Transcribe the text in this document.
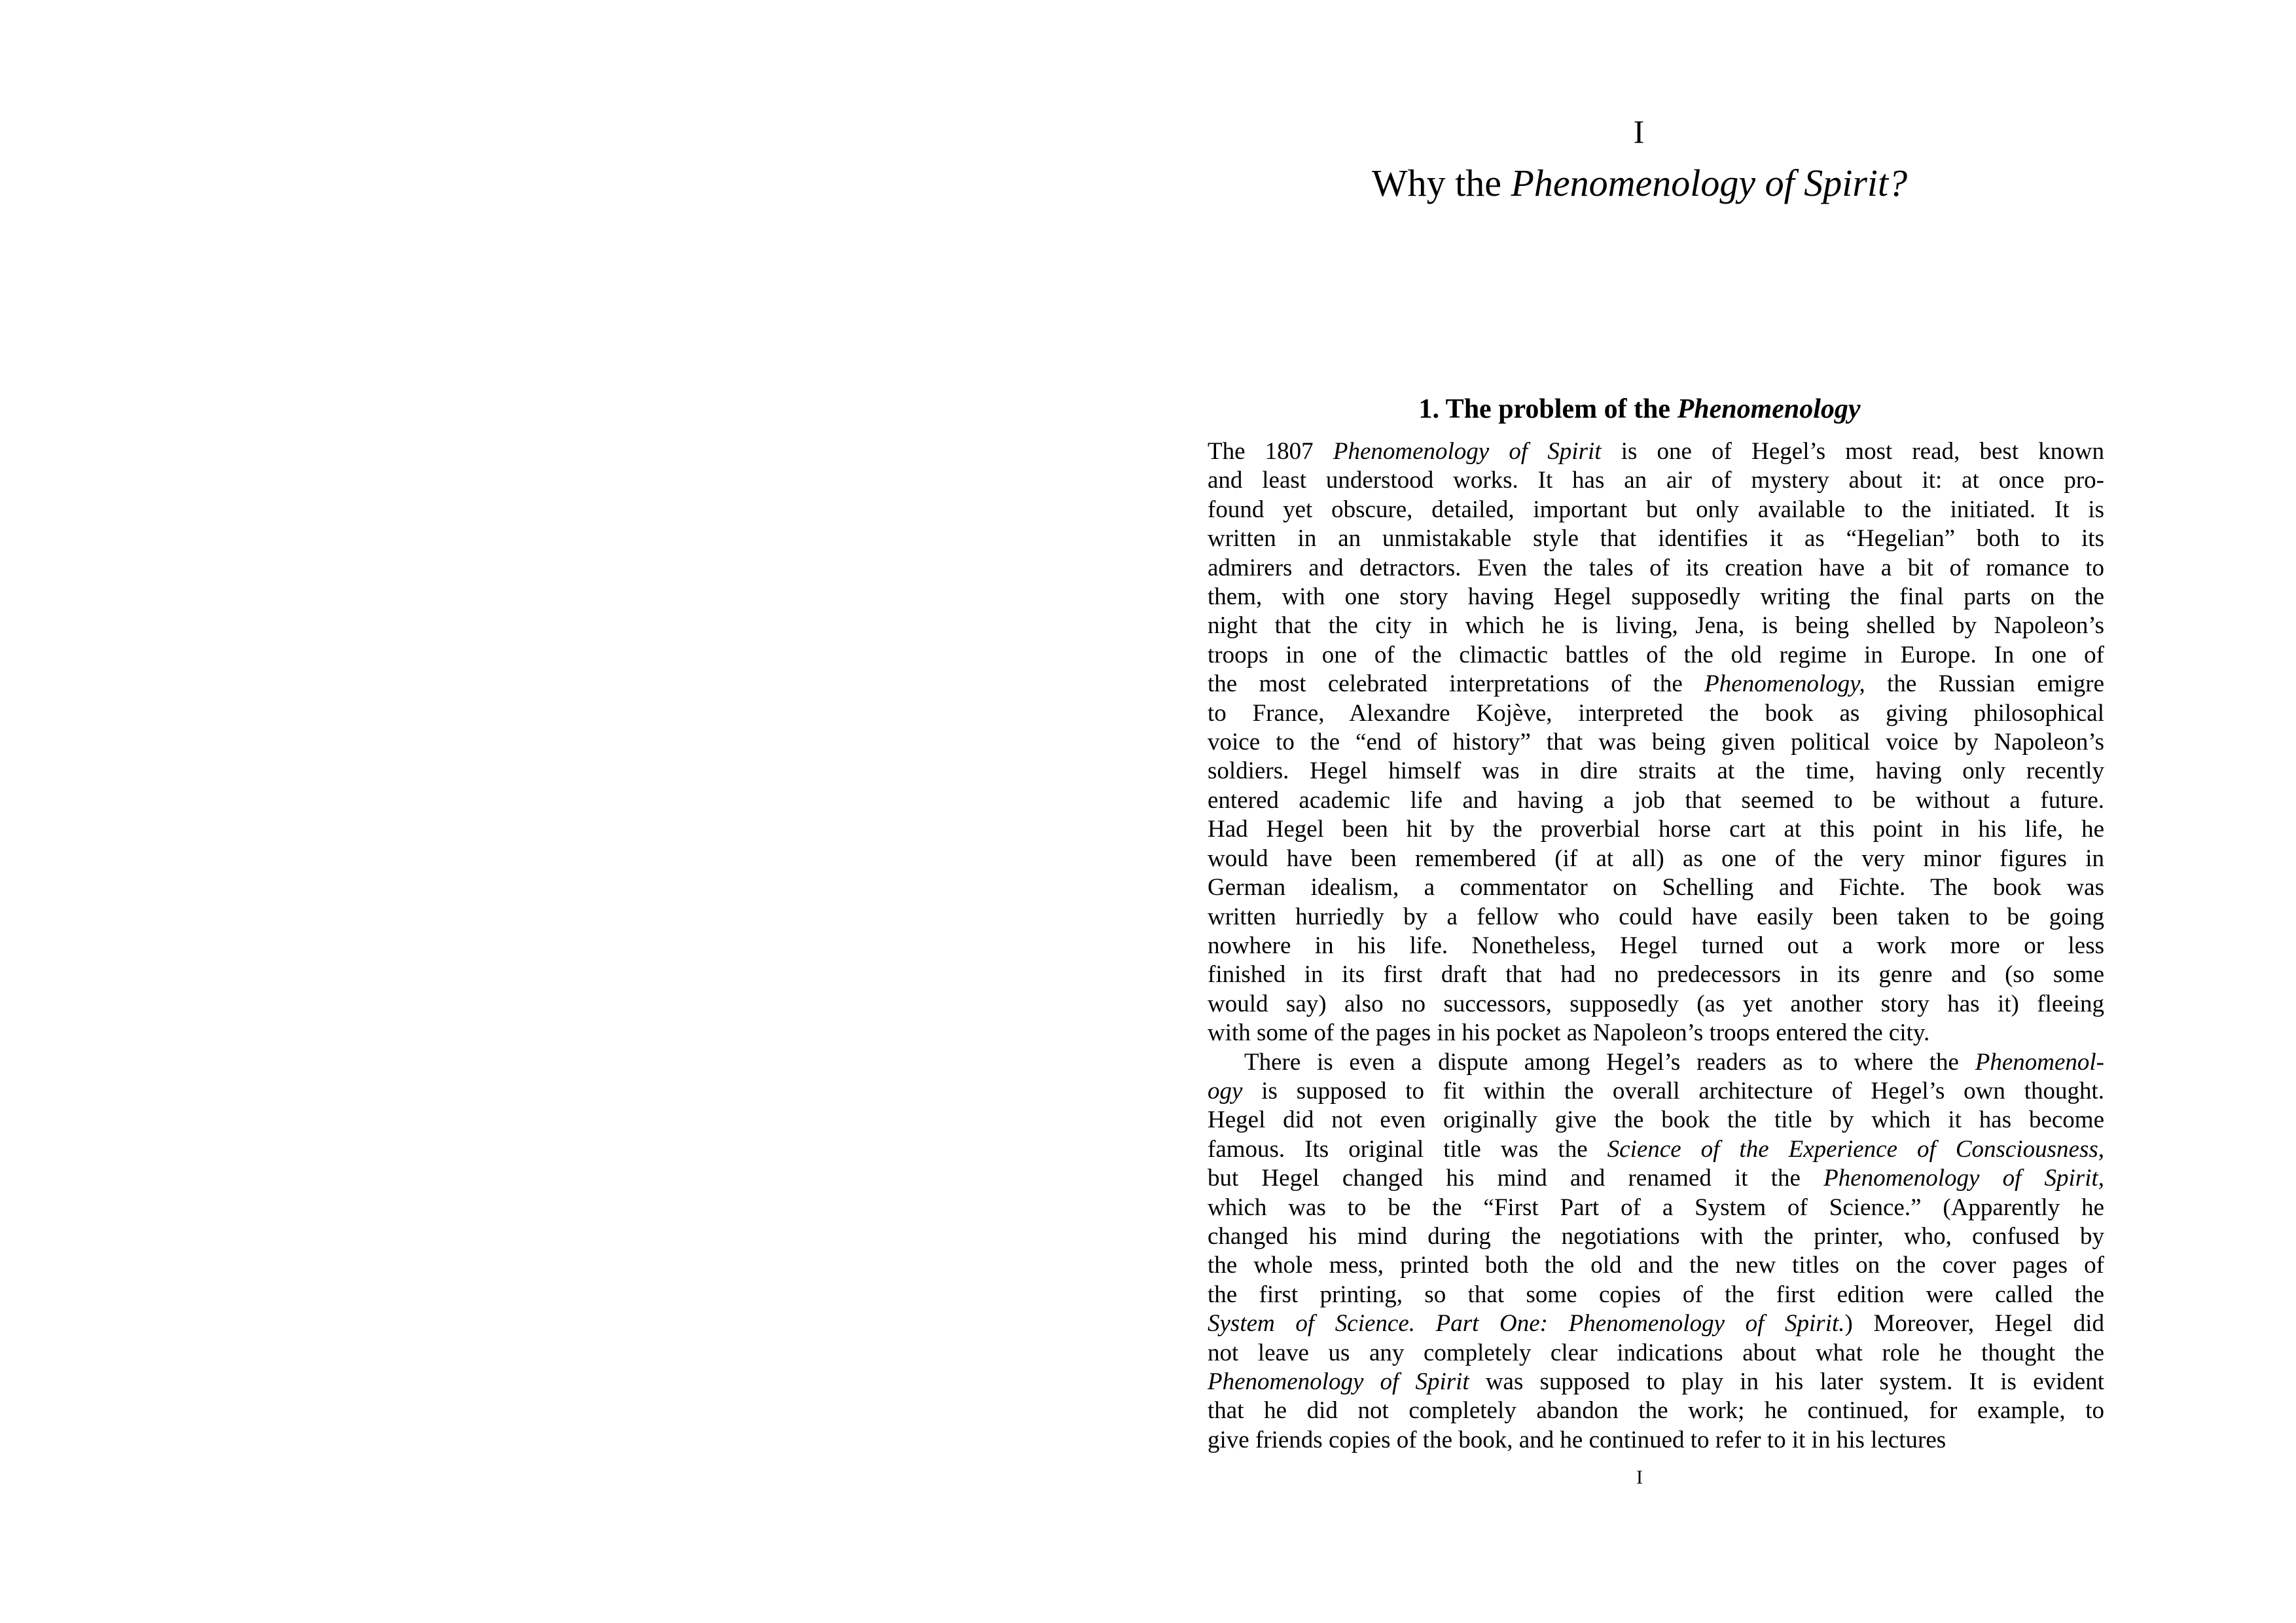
I
Why the Phenomenology of Spirit?
1. The problem of the Phenomenology
The 1807 Phenomenology of Spirit is one of Hegel’s most read, best known
and least understood works. It has an air of mystery about it: at once pro-
found yet obscure, detailed, important but only available to the initiated. It is
written in an unmistakable style that identifies it as “Hegelian” both to its
admirers and detractors. Even the tales of its creation have a bit of romance to
them, with one story having Hegel supposedly writing the final parts on the
night that the city in which he is living, Jena, is being shelled by Napoleon’s
troops in one of the climactic battles of the old regime in Europe. In one of
the most celebrated interpretations of the Phenomenology, the Russian emigre
to France, Alexandre Kojève, interpreted the book as giving philosophical
voice to the “end of history” that was being given political voice by Napoleon’s
soldiers. Hegel himself was in dire straits at the time, having only recently
entered academic life and having a job that seemed to be without a future.
Had Hegel been hit by the proverbial horse cart at this point in his life, he
would have been remembered (if at all) as one of the very minor figures in
German idealism, a commentator on Schelling and Fichte. The book was
written hurriedly by a fellow who could have easily been taken to be going
nowhere in his life. Nonetheless, Hegel turned out a work more or less
finished in its first draft that had no predecessors in its genre and (so some
would say) also no successors, supposedly (as yet another story has it) fleeing
with some of the pages in his pocket as Napoleon’s troops entered the city.
There is even a dispute among Hegel’s readers as to where the Phenomenol-
ogy is supposed to fit within the overall architecture of Hegel’s own thought.
Hegel did not even originally give the book the title by which it has become
famous. Its original title was the Science of the Experience of Consciousness,
but Hegel changed his mind and renamed it the Phenomenology of Spirit,
which was to be the “First Part of a System of Science.” (Apparently he
changed his mind during the negotiations with the printer, who, confused by
the whole mess, printed both the old and the new titles on the cover pages of
the first printing, so that some copies of the first edition were called the
System of Science. Part One: Phenomenology of Spirit.) Moreover, Hegel did
not leave us any completely clear indications about what role he thought the
Phenomenology of Spirit was supposed to play in his later system. It is evident
that he did not completely abandon the work; he continued, for example, to
give friends copies of the book, and he continued to refer to it in his lectures
I
